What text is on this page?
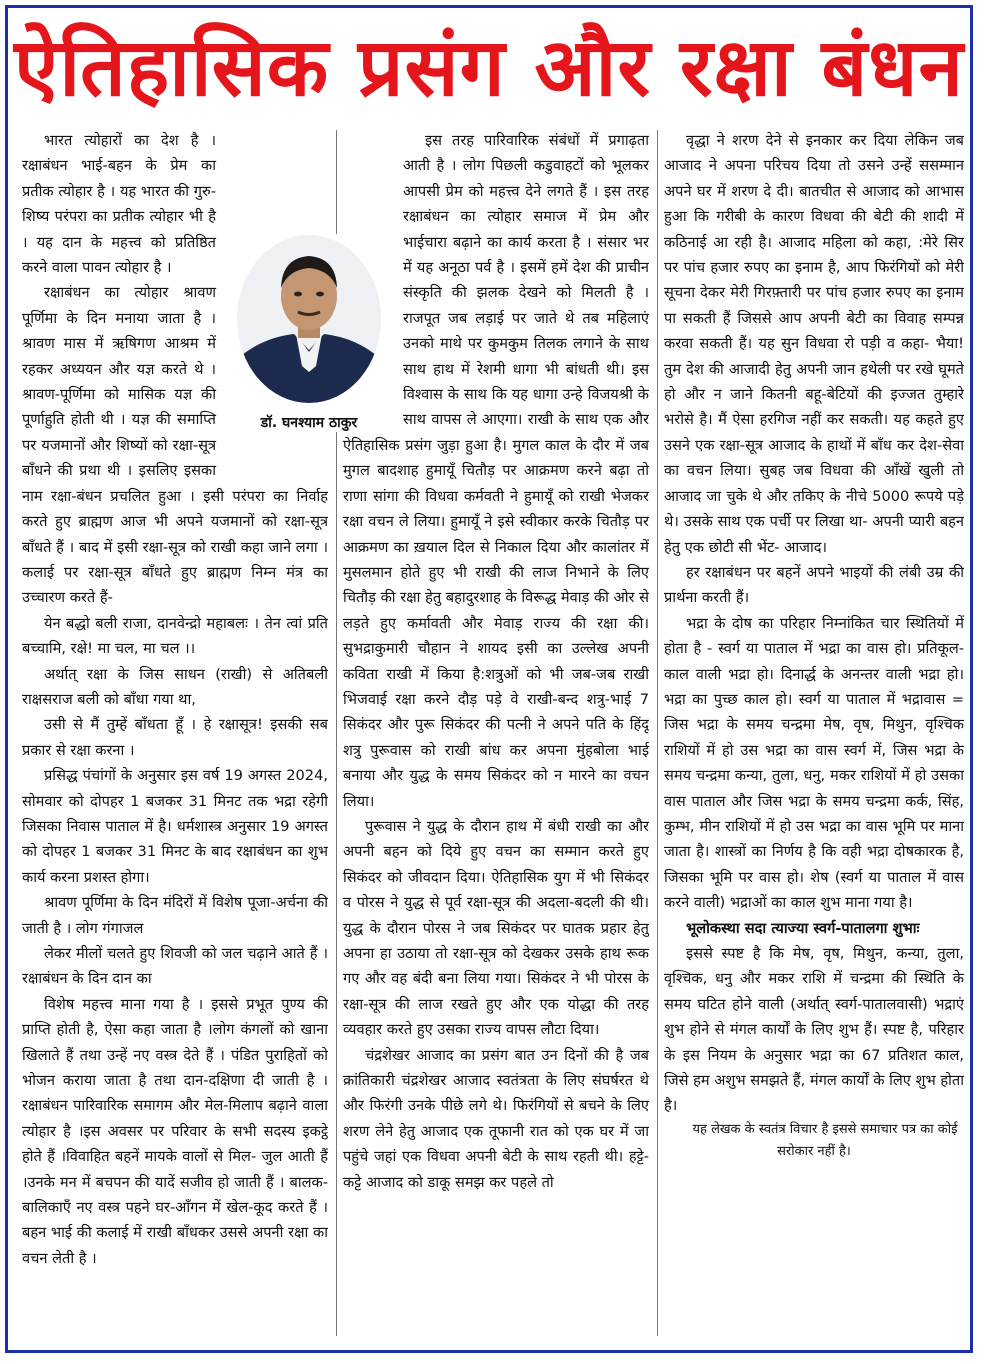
ऐतिहासिक प्रसंग और रक्षा बंधन

भारत त्योहारों का देश है । रक्षाबंधन भाई-बहन के प्रेम का प्रतीक त्योहार है । यह भारत की गुरु-शिष्य परंपरा का प्रतीक त्योहार भी है । यह दान के महत्त्व को प्रतिष्ठित करने वाला पावन त्योहार है ।

रक्षाबंधन का त्योहार श्रावण पूर्णिमा के दिन मनाया जाता है । श्रावण मास में ऋषिगण आश्रम में रहकर अध्ययन और यज्ञ करते थे ।श्रावण-पूर्णिमा को मासिक यज्ञ की पूर्णाहुति होती थी । यज्ञ की समाप्ति पर यजमानों और शिष्यों को रक्षा-सूत्र बाँधने की प्रथा थी । इसलिए इसका नाम रक्षा-बंधन प्रचलित हुआ । इसी परंपरा का निर्वाह करते हुए ब्राह्मण आज भी अपने यजमानों को रक्षा-सूत्र बाँधते हैं । बाद में इसी रक्षा-सूत्र को राखी कहा जाने लगा । कलाई पर रक्षा-सूत्र बाँधते हुए ब्राह्मण निम्न मंत्र का उच्चारण करते हैं-

येन बद्धो बली राजा, दानवेन्द्रो महाबलः । तेन त्वां प्रति बच्चामि, रक्षे! मा चल, मा चल ।।

अर्थात् रक्षा के जिस साधन (राखी) से अतिबली राक्षसराज बली को बाँधा गया था,

उसी से मैं तुम्हें बाँधता हूँ । हे रक्षासूत्र! इसकी सब प्रकार से रक्षा करना ।

प्रसिद्ध पंचांगों के अनुसार इस वर्ष 19 अगस्त 2024, सोमवार को दोपहर 1 बजकर 31 मिनट तक भद्रा रहेगी जिसका निवास पाताल में है। धर्मशास्त्र अनुसार 19 अगस्त को दोपहर 1 बजकर 31 मिनट के बाद रक्षाबंधन का शुभ कार्य करना प्रशस्त होगा।

श्रावण पूर्णिमा के दिन मंदिरों में विशेष पूजा-अर्चना की जाती है । लोग गंगाजल

लेकर मीलों चलते हुए शिवजी को जल चढ़ाने आते हैं । रक्षाबंधन के दिन दान का

विशेष महत्त्व माना गया है । इससे प्रभूत पुण्य की प्राप्ति होती है, ऐसा कहा जाता है ।लोग कंगलों को खाना खिलाते हैं तथा उन्हें नए वस्त्र देते हैं । पंडित पुराहितों को भोजन कराया जाता है तथा दान-दक्षिणा दी जाती है । रक्षाबंधन पारिवारिक समागम और मेल-मिलाप बढ़ाने वाला त्योहार है ।इस अवसर पर परिवार के सभी सदस्य इकट्ठे होते हैं ।विवाहित बहनें मायके वालों से मिल- जुल आती हैं ।उनके मन में बचपन की यादें सजीव हो जाती हैं । बालक-बालिकाएँ नए वस्त्र पहने घर-आँगन में खेल-कूद करते हैं ।बहन भाई की कलाई में राखी बाँधकर उससे अपनी रक्षा का वचन लेती है ।

इस तरह पारिवारिक संबंधों में प्रगाढ़ता आती है । लोग पिछली कडुवाहटों को भूलकर आपसी प्रेम को महत्त्व देने लगते हैं । इस तरह रक्षाबंधन का त्योहार समाज में प्रेम और भाईचारा बढ़ाने का कार्य करता है । संसार भर में यह अनूठा पर्व है । इसमें हमें देश की प्राचीन संस्कृति की झलक देखने को मिलती है । राजपूत जब लड़ाई पर जाते थे तब महिलाएं उनको माथे पर कुमकुम तिलक लगाने के साथ साथ हाथ में रेशमी धागा भी बांधती थी। इस विश्वास के साथ कि यह धागा उन्हे विजयश्री के साथ वापस ले आएगा। राखी के साथ एक और ऐतिहासिक प्रसंग जुड़ा हुआ है। मुगल काल के दौर में जब मुगल बादशाह हुमायूँ चितौड़ पर आक्रमण करने बढ़ा तो राणा सांगा की विधवा कर्मवती ने हुमायूँ को राखी भेजकर रक्षा वचन ले लिया। हुमायूँ ने इसे स्वीकार करके चितौड़ पर आक्रमण का ख़याल दिल से निकाल दिया और कालांतर में मुसलमान होते हुए भी राखी की लाज निभाने के लिए चितौड़ की रक्षा हेतु बहादुरशाह के विरूद्ध मेवाड़ की ओर से लड़ते हुए कर्मावती और मेवाड़ राज्य की रक्षा की। सुभद्राकुमारी चौहान ने शायद इसी का उल्लेख अपनी कविता राखी में किया है:शत्रुओं को भी जब-जब राखी भिजवाई रक्षा करने दौड़ पड़े वे राखी-बन्द शत्रु-भाई 7 सिकंदर और पुरू सिकंदर की पत्नी ने अपने पति के हिंदू शत्रु पुरूवास को राखी बांध कर अपना मुंहबोला भाई बनाया और युद्ध के समय सिकंदर को न मारने का वचन लिया।

पुरूवास ने युद्ध के दौरान हाथ में बंधी राखी का और अपनी बहन को दिये हुए वचन का सम्मान करते हुए सिकंदर को जीवदान दिया। ऐतिहासिक युग में भी सिकंदर व पोरस ने युद्ध से पूर्व रक्षा-सूत्र की अदला-बदली की थी। युद्ध के दौरान पोरस ने जब सिकंदर पर घातक प्रहार हेतु अपना हा उठाया तो रक्षा-सूत्र को देखकर उसके हाथ रूक गए और वह बंदी बना लिया गया। सिकंदर ने भी पोरस के रक्षा-सूत्र की लाज रखते हुए और एक योद्धा की तरह व्यवहार करते हुए उसका राज्य वापस लौटा दिया।

चंद्रशेखर आजाद का प्रसंग बात उन दिनों की है जब क्रांतिकारी चंद्रशेखर आजाद स्वतंत्रता के लिए संघर्षरत थे और फिरंगी उनके पीछे लगे थे। फिरंगियों से बचने के लिए शरण लेने हेतु आजाद एक तूफानी रात को एक घर में जा पहुंचे जहां एक विधवा अपनी बेटी के साथ रहती थी। हट्टे-कट्टे आजाद को डाकू समझ कर पहले तो

वृद्धा ने शरण देने से इनकार कर दिया लेकिन जब आजाद ने अपना परिचय दिया तो उसने उन्हें ससम्मान अपने घर में शरण दे दी। बातचीत से आजाद को आभास हुआ कि गरीबी के कारण विधवा की बेटी की शादी में कठिनाई आ रही है। आजाद महिला को कहा, :मेरे सिर पर पांच हजार रुपए का इनाम है, आप फिरंगियों को मेरी सूचना देकर मेरी गिरफ़्तारी पर पांच हजार रुपए का इनाम पा सकती हैं जिससे आप अपनी बेटी का विवाह सम्पन्न करवा सकती हैं। यह सुन विधवा रो पड़ी व कहा- भैया! तुम देश की आजादी हेतु अपनी जान हथेली पर रखे घूमते हो और न जाने कितनी बहू-बेटियों की इज्जत तुम्हारे भरोसे है। मैं ऐसा हरगिज नहीं कर सकती। यह कहते हुए उसने एक रक्षा-सूत्र आजाद के हाथों में बाँध कर देश-सेवा का वचन लिया। सुबह जब विधवा की आँखें खुली तो आजाद जा चुके थे और तकिए के नीचे 5000 रूपये पड़े थे। उसके साथ एक पर्ची पर लिखा था- अपनी प्यारी बहन हेतु एक छोटी सी भेंट- आजाद।

हर रक्षाबंधन पर बहनें अपने भाइयों की लंबी उम्र की प्रार्थना करती हैं।

भद्रा के दोष का परिहार निम्नांकित चार स्थितियों में होता है - स्वर्ग या पाताल में भद्रा का वास हो। प्रतिकूल-काल वाली भद्रा हो। दिनार्द्ध के अनन्तर वाली भद्रा हो। भद्रा का पुच्छ काल हो। स्वर्ग या पाताल में भद्रावास = जिस भद्रा के समय चन्द्रमा मेष, वृष, मिथुन, वृश्चिक राशियों में हो उस भद्रा का वास स्वर्ग में, जिस भद्रा के समय चन्द्रमा कन्या, तुला, धनु, मकर राशियों में हो उसका वास पाताल और जिस भद्रा के समय चन्द्रमा कर्क, सिंह, कुम्भ, मीन राशियों में हो उस भद्रा का वास भूमि पर माना जाता है। शास्त्रों का निर्णय है कि वही भद्रा दोषकारक है, जिसका भूमि पर वास हो। शेष (स्वर्ग या पाताल में वास करने वाली) भद्राओं का काल शुभ माना गया है।

भूलोकस्था सदा त्याज्या स्वर्ग-पातालगा शुभाः

इससे स्पष्ट है कि मेष, वृष, मिथुन, कन्या, तुला, वृश्चिक, धनु और मकर राशि में चन्द्रमा की स्थिति के समय घटित होने वाली (अर्थात् स्वर्ग-पातालवासी) भद्राएं शुभ होने से मंगल कार्यों के लिए शुभ हैं। स्पष्ट है, परिहार के इस नियम के अनुसार भद्रा का 67 प्रतिशत काल, जिसे हम अशुभ समझते हैं, मंगल कार्यों के लिए शुभ होता है।

यह लेखक के स्वतंत्र विचार है इससे समाचार पत्र का कोई सरोकार नहीं है।

डॉ. घनश्याम ठाकुर
